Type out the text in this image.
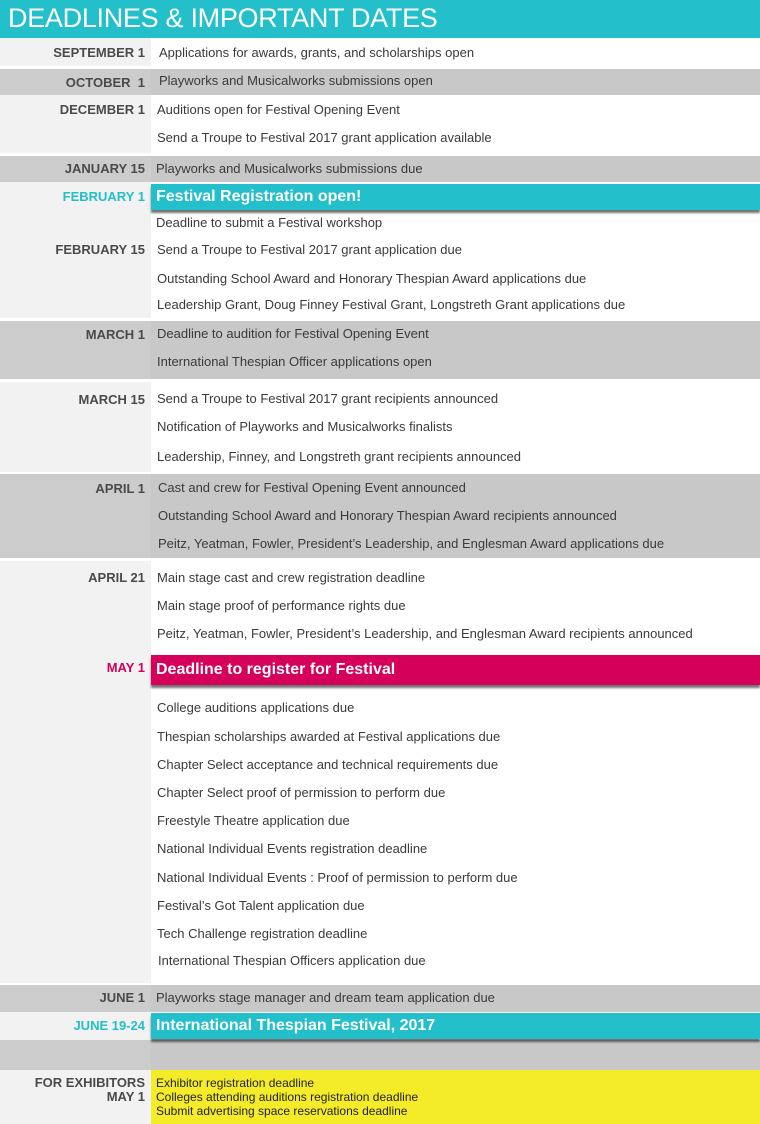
DEADLINES & IMPORTANT DATES
Festival Registration open!
Deadline to register for Festival
International Thespian Festival, 2017
SEPTEMBER 1
OCTOBER  1
DECEMBER 1
JANUARY 15
FEBRUARY 1
FEBRUARY 15
MARCH 1
MARCH 15
APRIL 1
APRIL 21
MAY 1
JUNE 1
JUNE 19-24
FOR EXHIBITORS
MAY 1
Applications for awards, grants, and scholarships open
Playworks and Musicalworks submissions open
Auditions open for Festival Opening Event
Send a Troupe to Festival 2017 grant application available
Playworks and Musicalworks submissions due
Deadline to submit a Festival workshop
Send a Troupe to Festival 2017 grant application due
Outstanding School Award and Honorary Thespian Award applications due
Leadership Grant, Doug Finney Festival Grant, Longstreth Grant applications due
Deadline to audition for Festival Opening Event
International Thespian Officer applications open
Send a Troupe to Festival 2017 grant recipients announced
Notification of Playworks and Musicalworks finalists
Leadership, Finney, and Longstreth grant recipients announced
Cast and crew for Festival Opening Event announced
Outstanding School Award and Honorary Thespian Award recipients announced
Peitz, Yeatman, Fowler, President’s Leadership, and Englesman Award applications due
Main stage cast and crew registration deadline
Main stage proof of performance rights due
Peitz, Yeatman, Fowler, President’s Leadership, and Englesman Award recipients announced
College auditions applications due
Thespian scholarships awarded at Festival applications due
Chapter Select acceptance and technical requirements due
Chapter Select proof of permission to perform due
Freestyle Theatre application due
National Individual Events registration deadline
National Individual Events : Proof of permission to perform due
Festival’s Got Talent application due
Tech Challenge registration deadline
International Thespian Officers application due
Playworks stage manager and dream team application due
Exhibitor registration deadline
Colleges attending auditions registration deadline
Submit advertising space reservations deadline
